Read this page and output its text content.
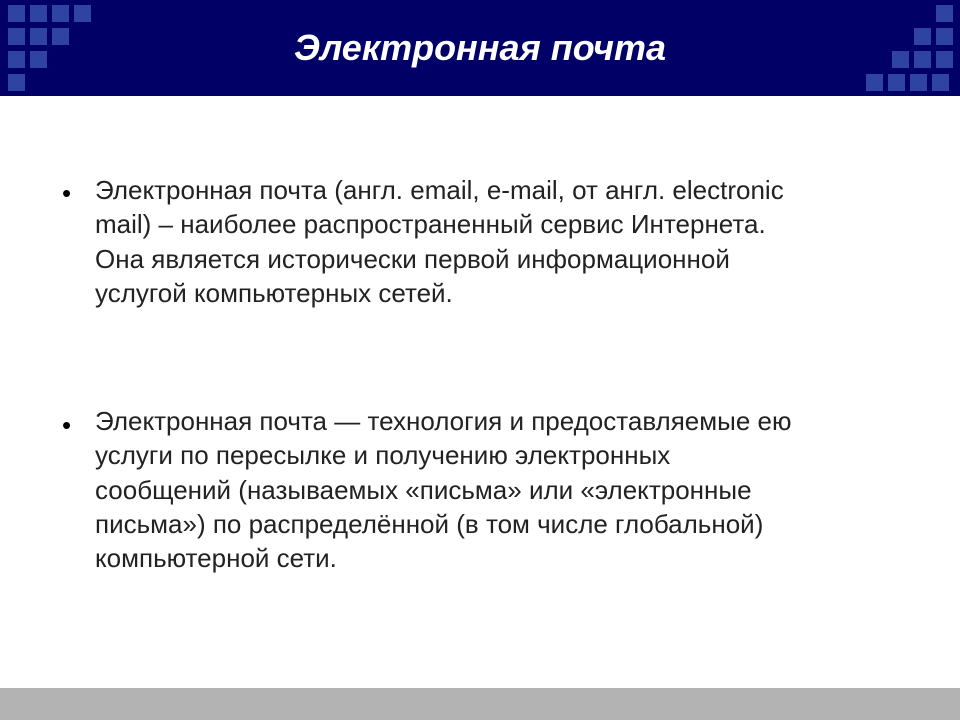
Электронная почта
• Электронная почта (англ. email, e-mail, от англ. electronic
mail) – наиболее распространенный сервис Интернета.
Она является исторически первой информационной
услугой компьютерных сетей.

• Электронная почта — технология и предоставляемые ею
услуги по пересылке и получению электронных
сообщений (называемых «письма» или «электронные
письма») по распределённой (в том числе глобальной)
компьютерной сети.
